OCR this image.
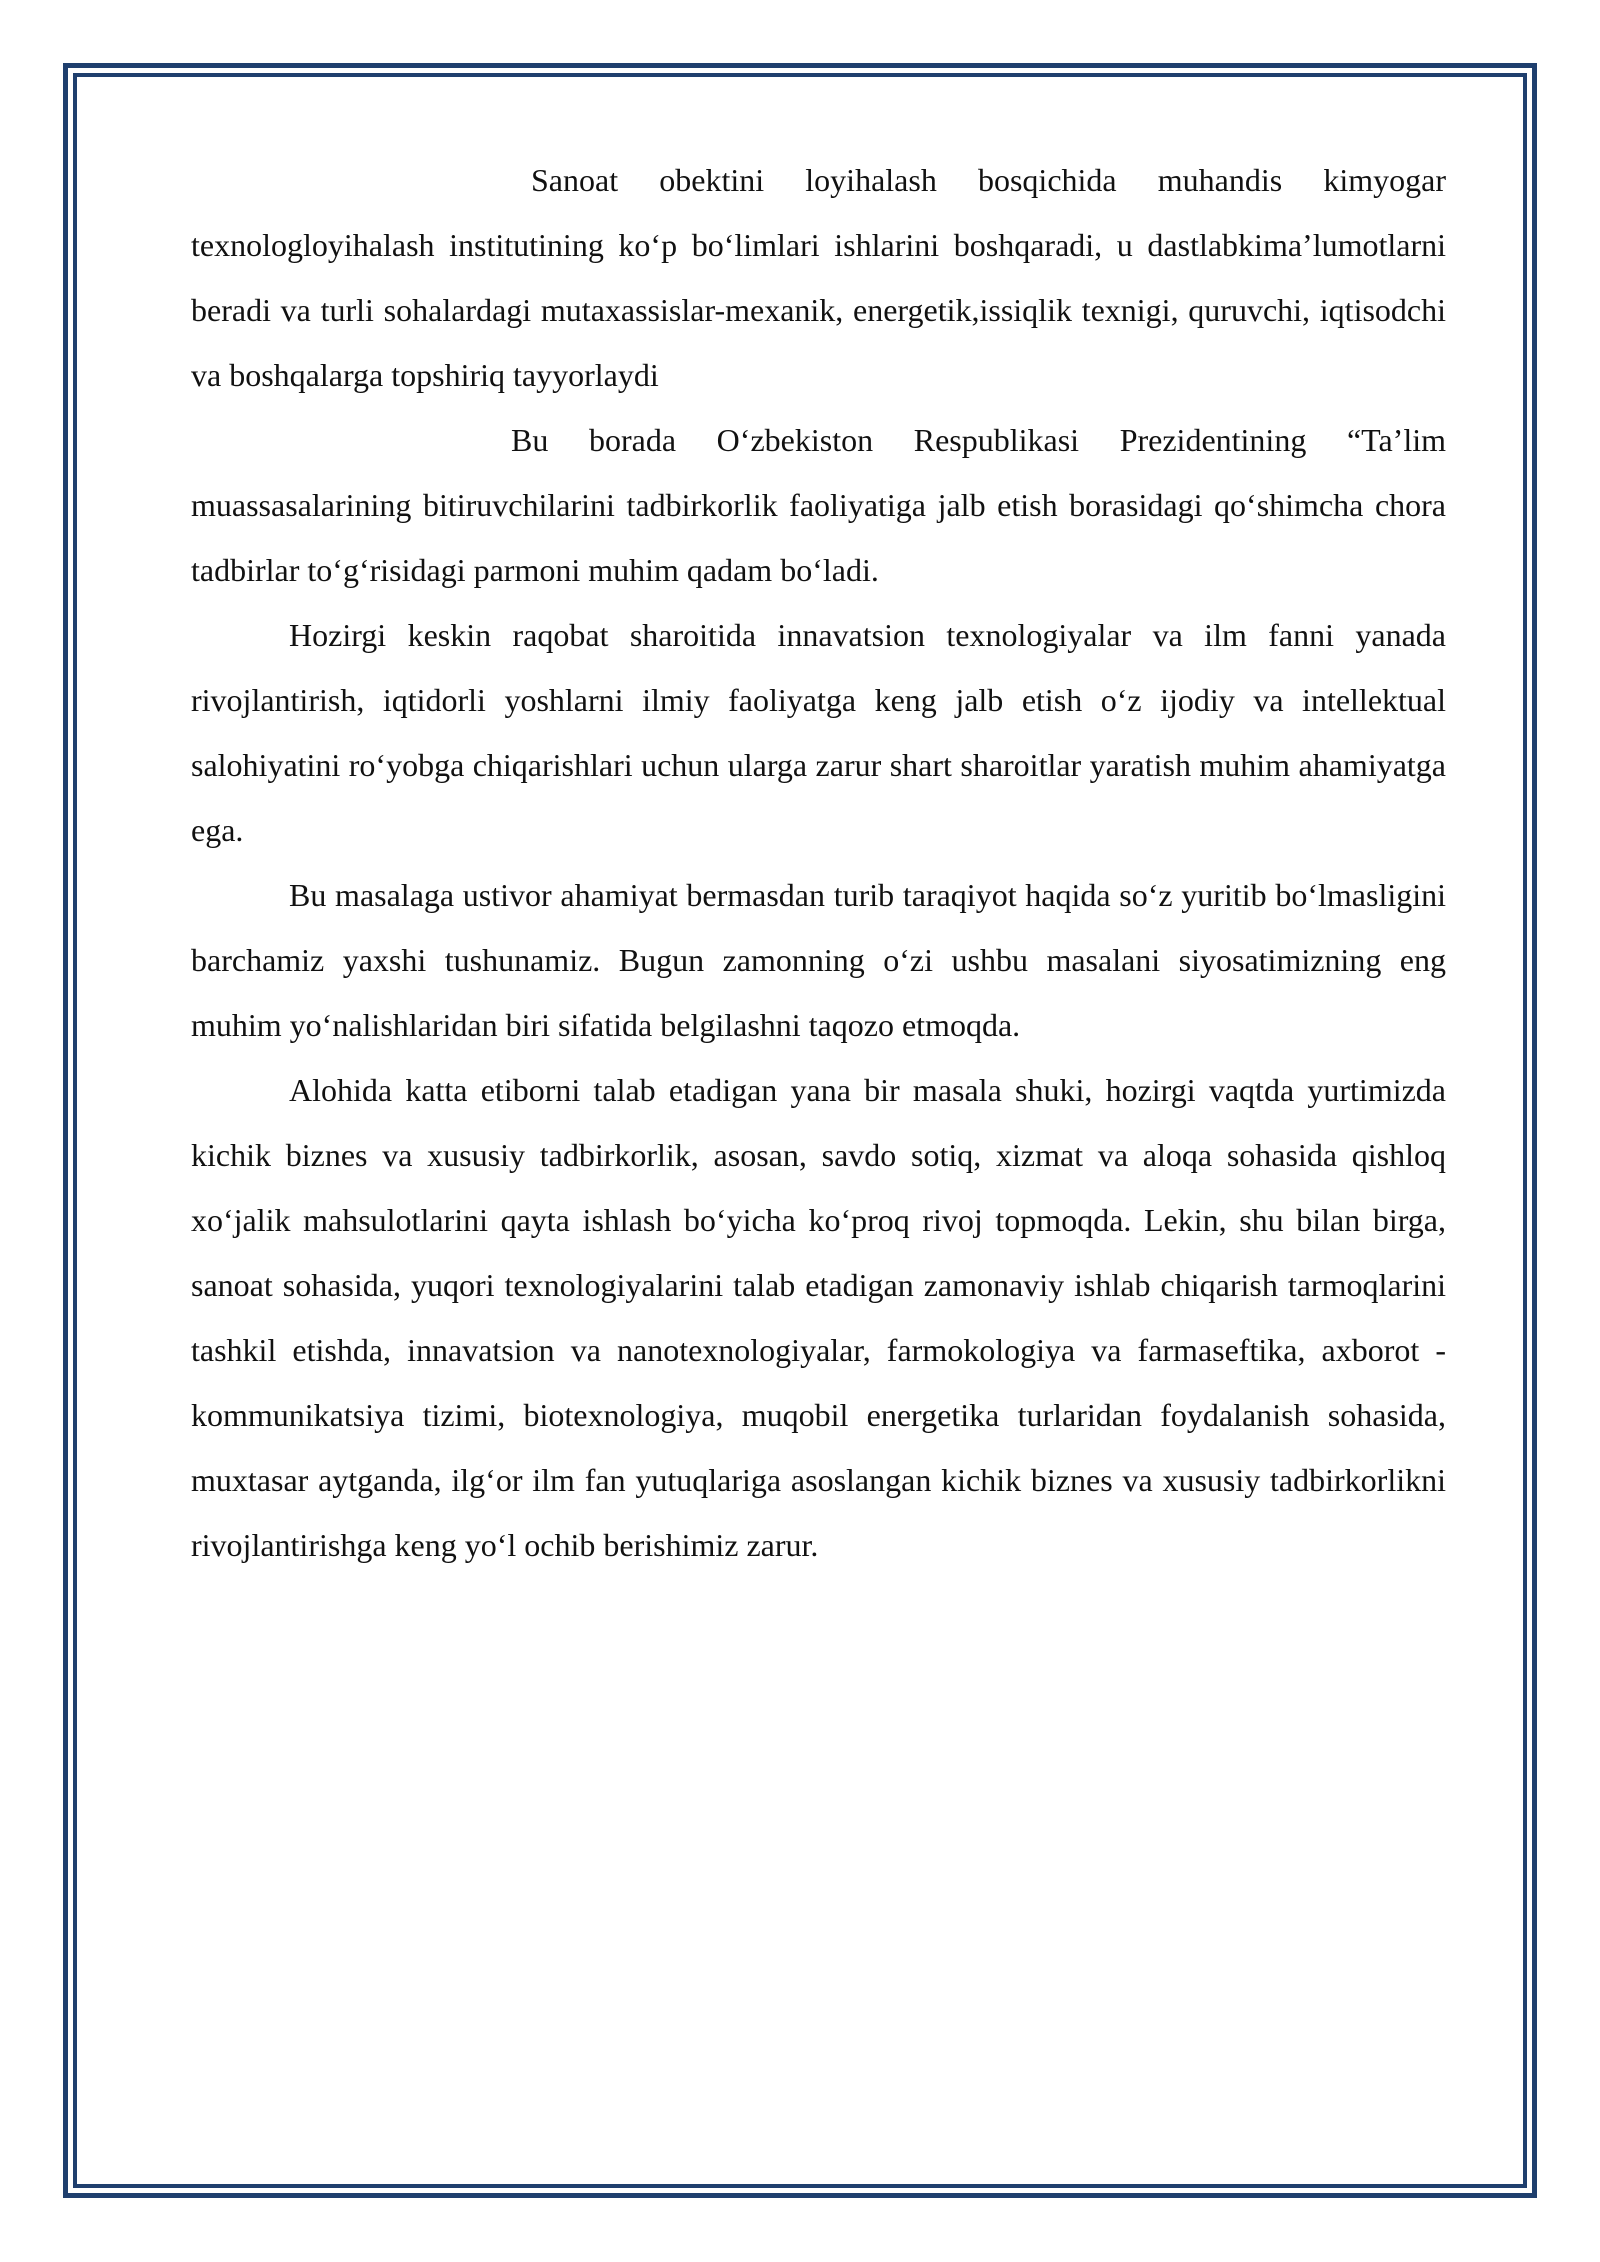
Sanoat obektini loyihalash bosqichida muhandis kimyogar texnologloyihalash institutining ko‘p bo‘limlari ishlarini boshqaradi, u dastlabkima’lumotlarni beradi va turli sohalardagi mutaxassislar-mexanik, energetik,issiqlik texnigi, quruvchi, iqtisodchi va boshqalarga topshiriq tayyorlaydi

Bu borada O‘zbekiston Respublikasi Prezidentining “Ta’lim muassasalarining bitiruvchilarini tadbirkorlik faoliyatiga jalb etish borasidagi qo‘shimcha chora tadbirlar to‘g‘risidagi parmoni muhim qadam bo‘ladi.

Hozirgi keskin raqobat sharoitida innavatsion texnologiyalar va ilm fanni yanada rivojlantirish, iqtidorli yoshlarni ilmiy faoliyatga keng jalb etish o‘z ijodiy va intellektual salohiyatini ro‘yobga chiqarishlari uchun ularga zarur shart sharoitlar yaratish muhim ahamiyatga ega.

Bu masalaga ustivor ahamiyat bermasdan turib taraqiyot haqida so‘z yuritib bo‘lmasligini barchamiz yaxshi tushunamiz. Bugun zamonning o‘zi ushbu masalani siyosatimizning eng muhim yo‘nalishlaridan biri sifatida belgilashni taqozo etmoqda.

Alohida katta etiborni talab etadigan yana bir masala shuki, hozirgi vaqtda yurtimizda kichik biznes va xususiy tadbirkorlik, asosan, savdo sotiq, xizmat va aloqa sohasida qishloq xo‘jalik mahsulotlarini qayta ishlash bo‘yicha ko‘proq rivoj topmoqda. Lekin, shu bilan birga, sanoat sohasida, yuqori texnologiyalarini talab etadigan zamonaviy ishlab chiqarish tarmoqlarini tashkil etishda, innavatsion va nanotexnologiyalar, farmokologiya va farmaseftika, axborot -kommunikatsiya tizimi, biotexnologiya, muqobil energetika turlaridan foydalanish sohasida, muxtasar aytganda, ilg‘or ilm fan yutuqlariga asoslangan kichik biznes va xususiy tadbirkorlikni rivojlantirishga keng yo‘l ochib berishimiz zarur.
